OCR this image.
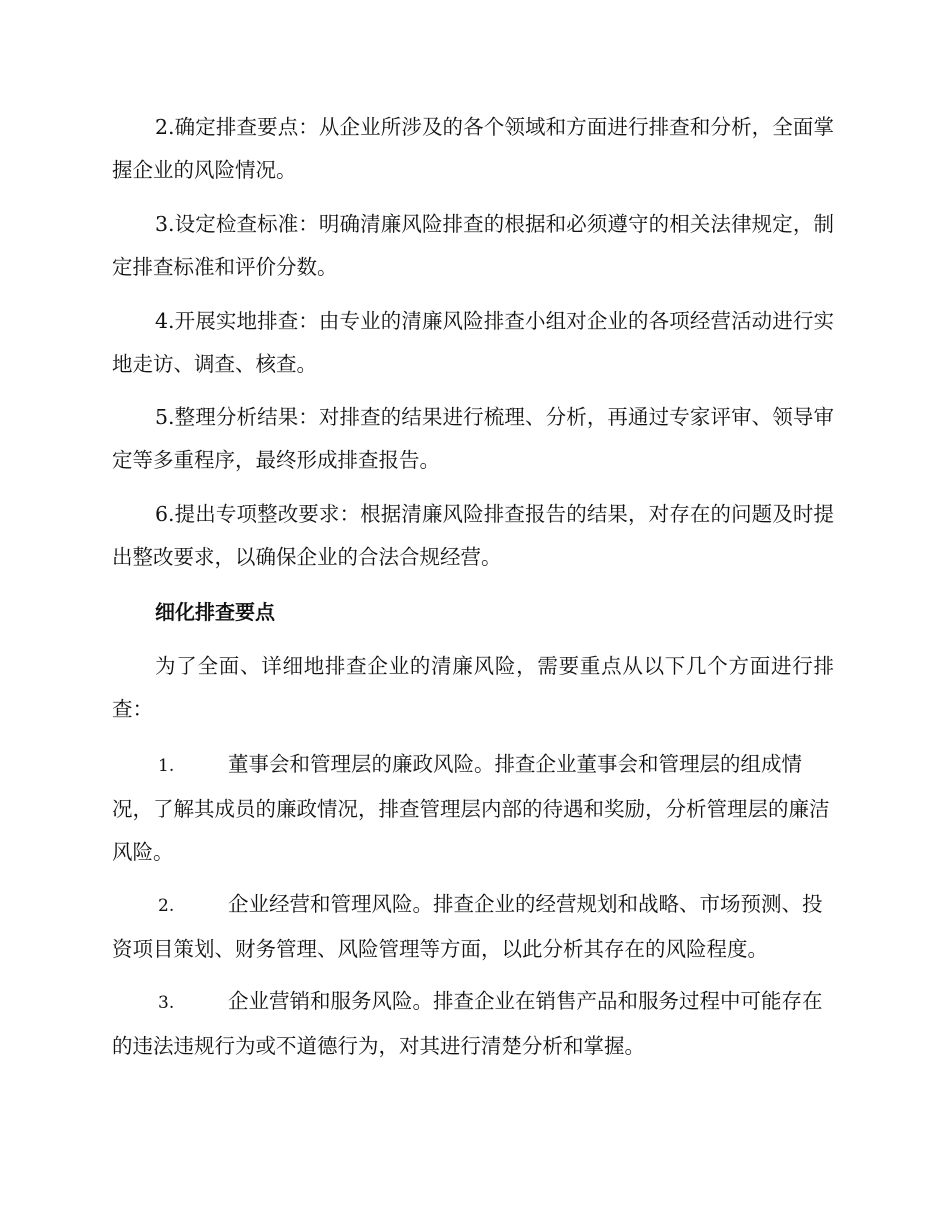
2.确定排查要点：从企业所涉及的各个领域和方面进行排查和分析，全面掌握企业的风险情况。

3.设定检查标准：明确清廉风险排查的根据和必须遵守的相关法律规定，制定排查标准和评价分数。

4.开展实地排查：由专业的清廉风险排查小组对企业的各项经营活动进行实地走访、调查、核查。

5.整理分析结果：对排查的结果进行梳理、分析，再通过专家评审、领导审定等多重程序，最终形成排查报告。

6.提出专项整改要求：根据清廉风险排查报告的结果，对存在的问题及时提出整改要求，以确保企业的合法合规经营。

细化排查要点

为了全面、详细地排查企业的清廉风险，需要重点从以下几个方面进行排查：

1.	董事会和管理层的廉政风险。排查企业董事会和管理层的组成情况，了解其成员的廉政情况，排查管理层内部的待遇和奖励，分析管理层的廉洁风险。

2.	企业经营和管理风险。排查企业的经营规划和战略、市场预测、投资项目策划、财务管理、风险管理等方面，以此分析其存在的风险程度。

3.	企业营销和服务风险。排查企业在销售产品和服务过程中可能存在的违法违规行为或不道德行为，对其进行清楚分析和掌握。
